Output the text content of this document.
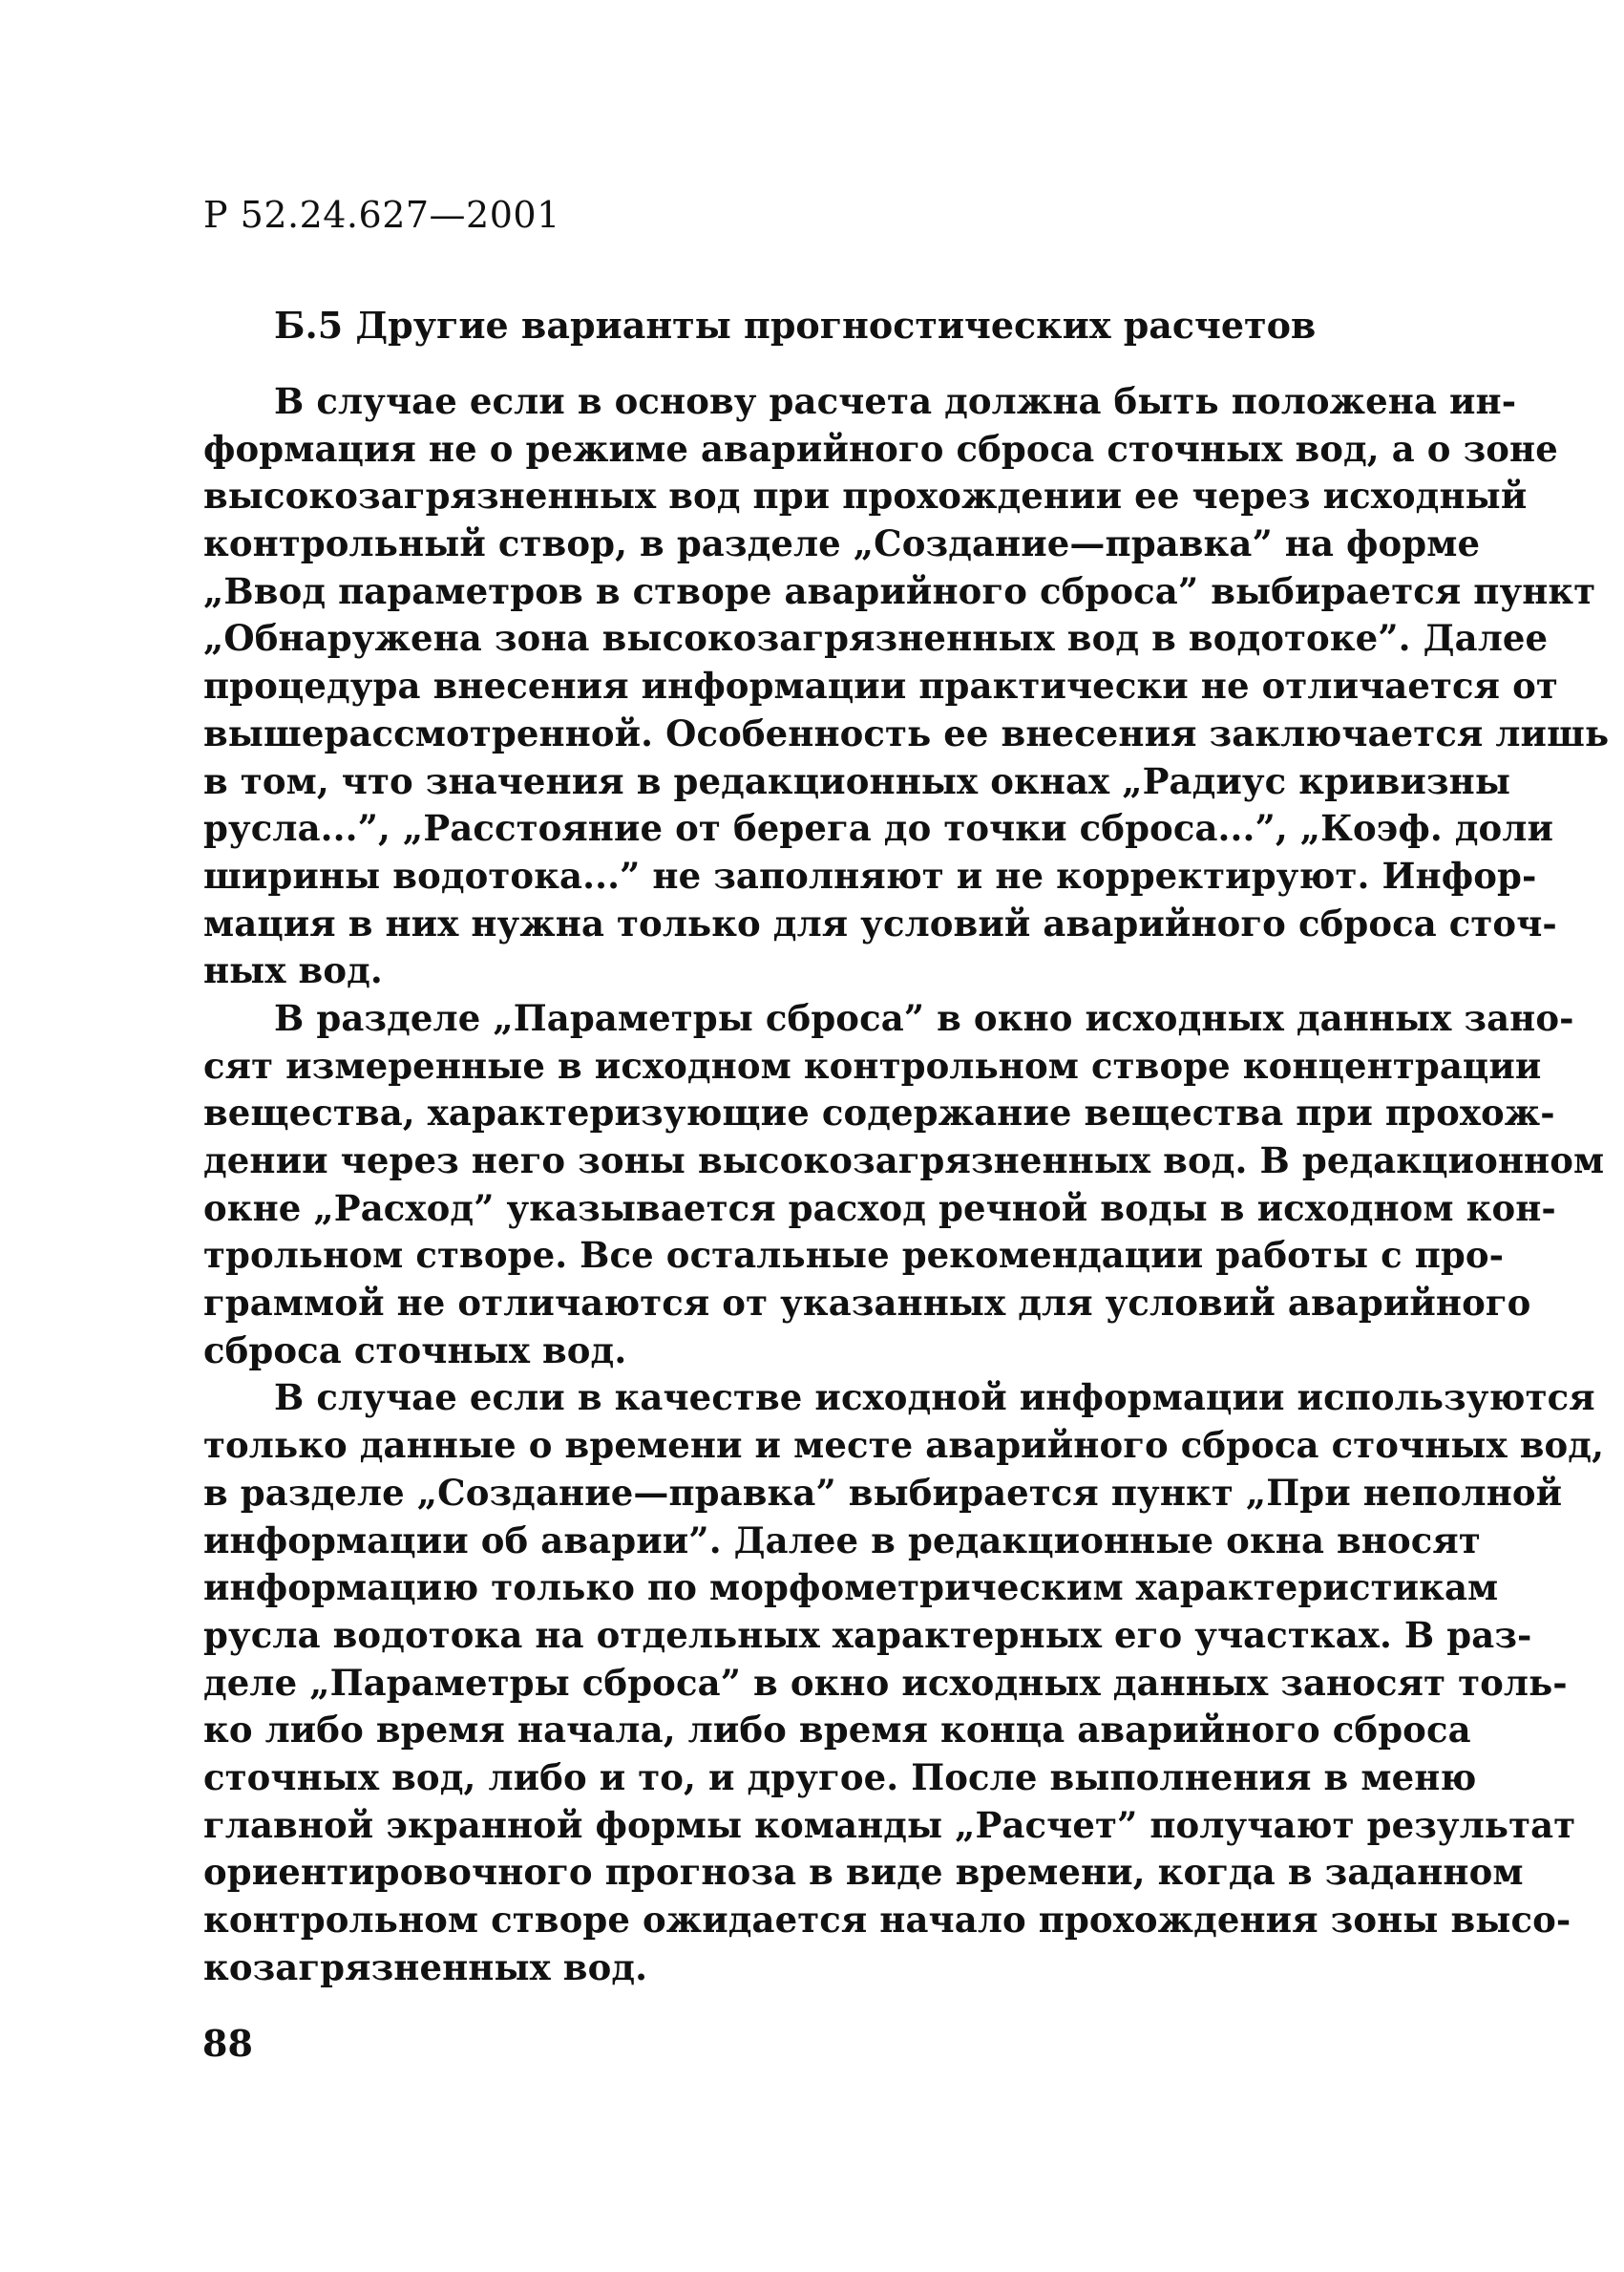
Р 52.24.627—2001

Б.5 Другие варианты прогностических расчетов

В случае если в основу расчета должна быть положена ин-
формация не о режиме аварийного сброса сточных вод, а о зоне
высокозагрязненных вод при прохождении ее через исходный
контрольный створ, в разделе „Создание—правка” на форме
„Ввод параметров в створе аварийного сброса” выбирается пункт
„Обнаружена зона высокозагрязненных вод в водотоке”. Далее
процедура внесения информации практически не отличается от
вышерассмотренной. Особенность ее внесения заключается лишь
в том, что значения в редакционных окнах „Радиус кривизны
русла...”, „Расстояние от берега до точки сброса...”, „Коэф. доли
ширины водотока...” не заполняют и не корректируют. Инфор-
мация в них нужна только для условий аварийного сброса сточ-
ных вод.
В разделе „Параметры сброса” в окно исходных данных зано-
сят измеренные в исходном контрольном створе концентрации
вещества, характеризующие содержание вещества при прохож-
дении через него зоны высокозагрязненных вод. В редакционном
окне „Расход” указывается расход речной воды в исходном кон-
трольном створе. Все остальные рекомендации работы с про-
граммой не отличаются от указанных для условий аварийного
сброса сточных вод.
В случае если в качестве исходной информации используются
только данные о времени и месте аварийного сброса сточных вод,
в разделе „Создание—правка” выбирается пункт „При неполной
информации об аварии”. Далее в редакционные окна вносят
информацию только по морфометрическим характеристикам
русла водотока на отдельных характерных его участках. В раз-
деле „Параметры сброса” в окно исходных данных заносят толь-
ко либо время начала, либо время конца аварийного сброса
сточных вод, либо и то, и другое. После выполнения в меню
главной экранной формы команды „Расчет” получают результат
ориентировочного прогноза в виде времени, когда в заданном
контрольном створе ожидается начало прохождения зоны высо-
козагрязненных вод.

88
